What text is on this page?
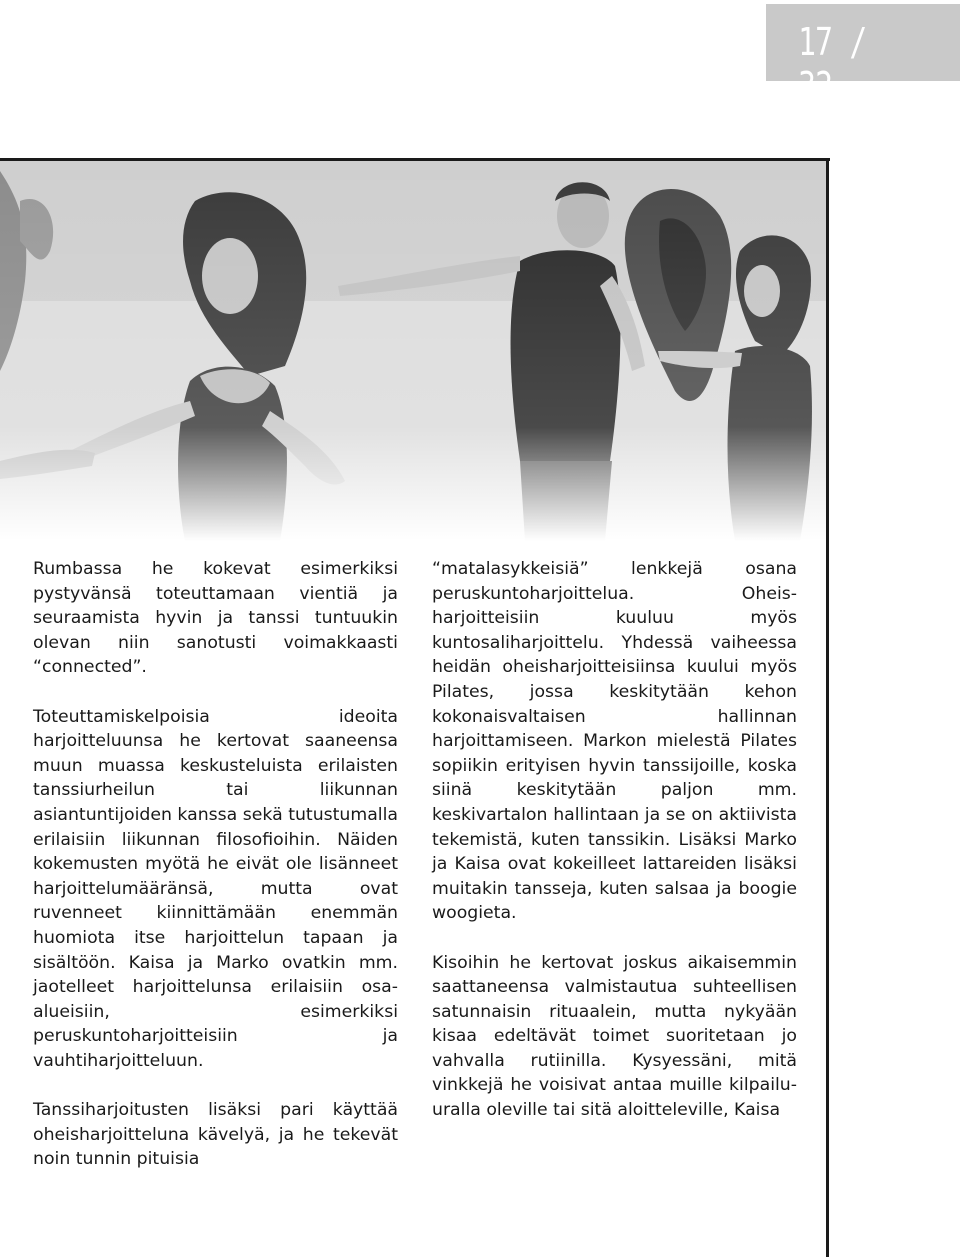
17 / 32

Rumbassa he kokevat esimerkiksi pystyvänsä toteuttamaan vientiä ja seuraamista hyvin ja tanssi tuntuukin olevan niin sanotusti voimakkaasti “connected”.

Toteuttamiskelpoisia ideoita harjoitteluunsa he kertovat saaneensa muun muassa keskusteluista erilaisten tanssiurheilun tai liikunnan asiantuntijoiden kanssa sekä tutustumalla erilaisiin liikunnan filosofioihin. Näiden kokemusten myötä he eivät ole lisänneet harjoittelumääränsä, mutta ovat ruvenneet kiinnittämään enemmän huomiota itse harjoittelun tapaan ja sisältöön. Kaisa ja Marko ovatkin mm. jaotelleet harjoittelunsa erilaisiin osa-alueisiin, esimerkiksi peruskuntoharjoitteisiin ja vauhtiharjoitteluun.

Tanssiharjoitusten lisäksi pari käyttää oheisharjoitteluna kävelyä, ja he tekevät noin tunnin pituisia

“matalasykkeisiä” lenkkejä osana peruskuntoharjoittelua. Oheis-harjoitteisiin kuuluu myös kuntosaliharjoittelu. Yhdessä vaiheessa heidän oheisharjoitteisiinsa kuului myös Pilates, jossa keskitytään kehon kokonaisvaltaisen hallinnan harjoittamiseen. Markon mielestä Pilates sopiikin erityisen hyvin tanssijoille, koska siinä keskitytään paljon mm. keskivartalon hallintaan ja se on aktiivista tekemistä, kuten tanssikin. Lisäksi Marko ja Kaisa ovat kokeilleet lattareiden lisäksi muitakin tansseja, kuten salsaa ja boogie woogieta.

Kisoihin he kertovat joskus aikaisemmin saattaneensa valmistautua suhteellisen satunnaisin rituaalein, mutta nykyään kisaa edeltävät toimet suoritetaan jo vahvalla rutiinilla. Kysyessäni, mitä vinkkejä he voisivat antaa muille kilpailu-uralla oleville tai sitä aloitteleville, Kaisa
